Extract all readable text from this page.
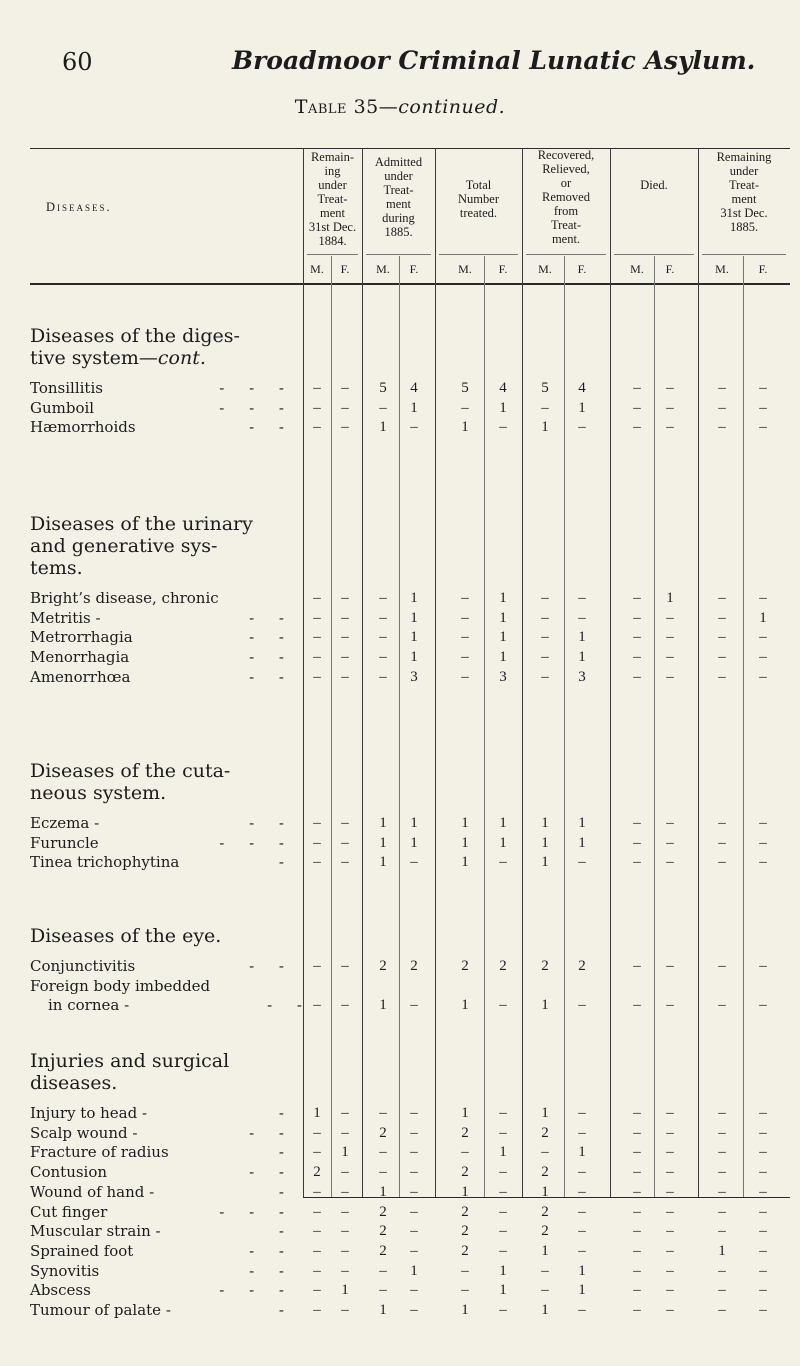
60	Broadmoor Criminal Lunatic Asylum.
Table 35—continued.
Diseases.
Remain-
ing
under
Treat-
ment
31st Dec.
1884.
M.	F.
Admitted
under
Treat-
ment
during
1885.
M.	F.
Total
Number
treated.
M.	F.
Recovered,
Relieved,
or
Removed
from
Treat-
ment.
M.	F.
Died.
M.	F.
Remaining
under
Treat-
ment
31st Dec.
1885.
M.	F.
Diseases of the diges-
tive system—cont.
Tonsillitis	- - -	–	–	5	4	5	4	5	4	–	–	–	–
Gumboil	- - -	–	–	–	1	–	1	–	1	–	–	–	–
Hæmorrhoids	- -	–	–	1	–	1	–	1	–	–	–	–	–
Diseases of the urinary
and generative sys-
tems.
Bright’s disease, chronic	–	–	–	1	–	1	–	–	–	1	–	–
Metritis -	- -	–	–	–	1	–	1	–	–	–	–	–	1
Metrorrhagia	- -	–	–	–	1	–	1	–	1	–	–	–	–
Menorrhagia	- -	–	–	–	1	–	1	–	1	–	–	–	–
Amenorrhœa	- -	–	–	–	3	–	3	–	3	–	–	–	–
Diseases of the cuta-
neous system.
Eczema -	- -	–	–	1	1	1	1	1	1	–	–	–	–
Furuncle	- - -	–	–	1	1	1	1	1	1	–	–	–	–
Tinea trichophytina	-	–	–	1	–	1	–	1	–	–	–	–	–
Diseases of the eye.
Conjunctivitis	- -	–	–	2	2	2	2	2	2	–	–	–	–
Foreign body imbedded
in cornea -	- - –	–	1	–	1	–	1	–	–	–	–	–
Injuries and surgical
diseases.
Injury to head -	-	1	–	–	–	1	–	1	–	–	–	–	–
Scalp wound -	- -	–	–	2	–	2	–	2	–	–	–	–	–
Fracture of radius	-	–	1	–	–	–	1	–	1	–	–	–	–
Contusion	- -	2	–	–	–	2	–	2	–	–	–	–	–
Wound of hand -	-	–	–	1	–	1	–	1	–	–	–	–	–
Cut finger	- - -	–	–	2	–	2	–	2	–	–	–	–	–
Muscular strain -	-	–	–	2	–	2	–	2	–	–	–	–	–
Sprained foot	- -	–	–	2	–	2	–	1	–	–	–	1	–
Synovitis	- -	–	–	–	1	–	1	–	1	–	–	–	–
Abscess	- - -	–	1	–	–	–	1	–	1	–	–	–	–
Tumour of palate -	-	–	–	1	–	1	–	1	–	–	–	–	–
